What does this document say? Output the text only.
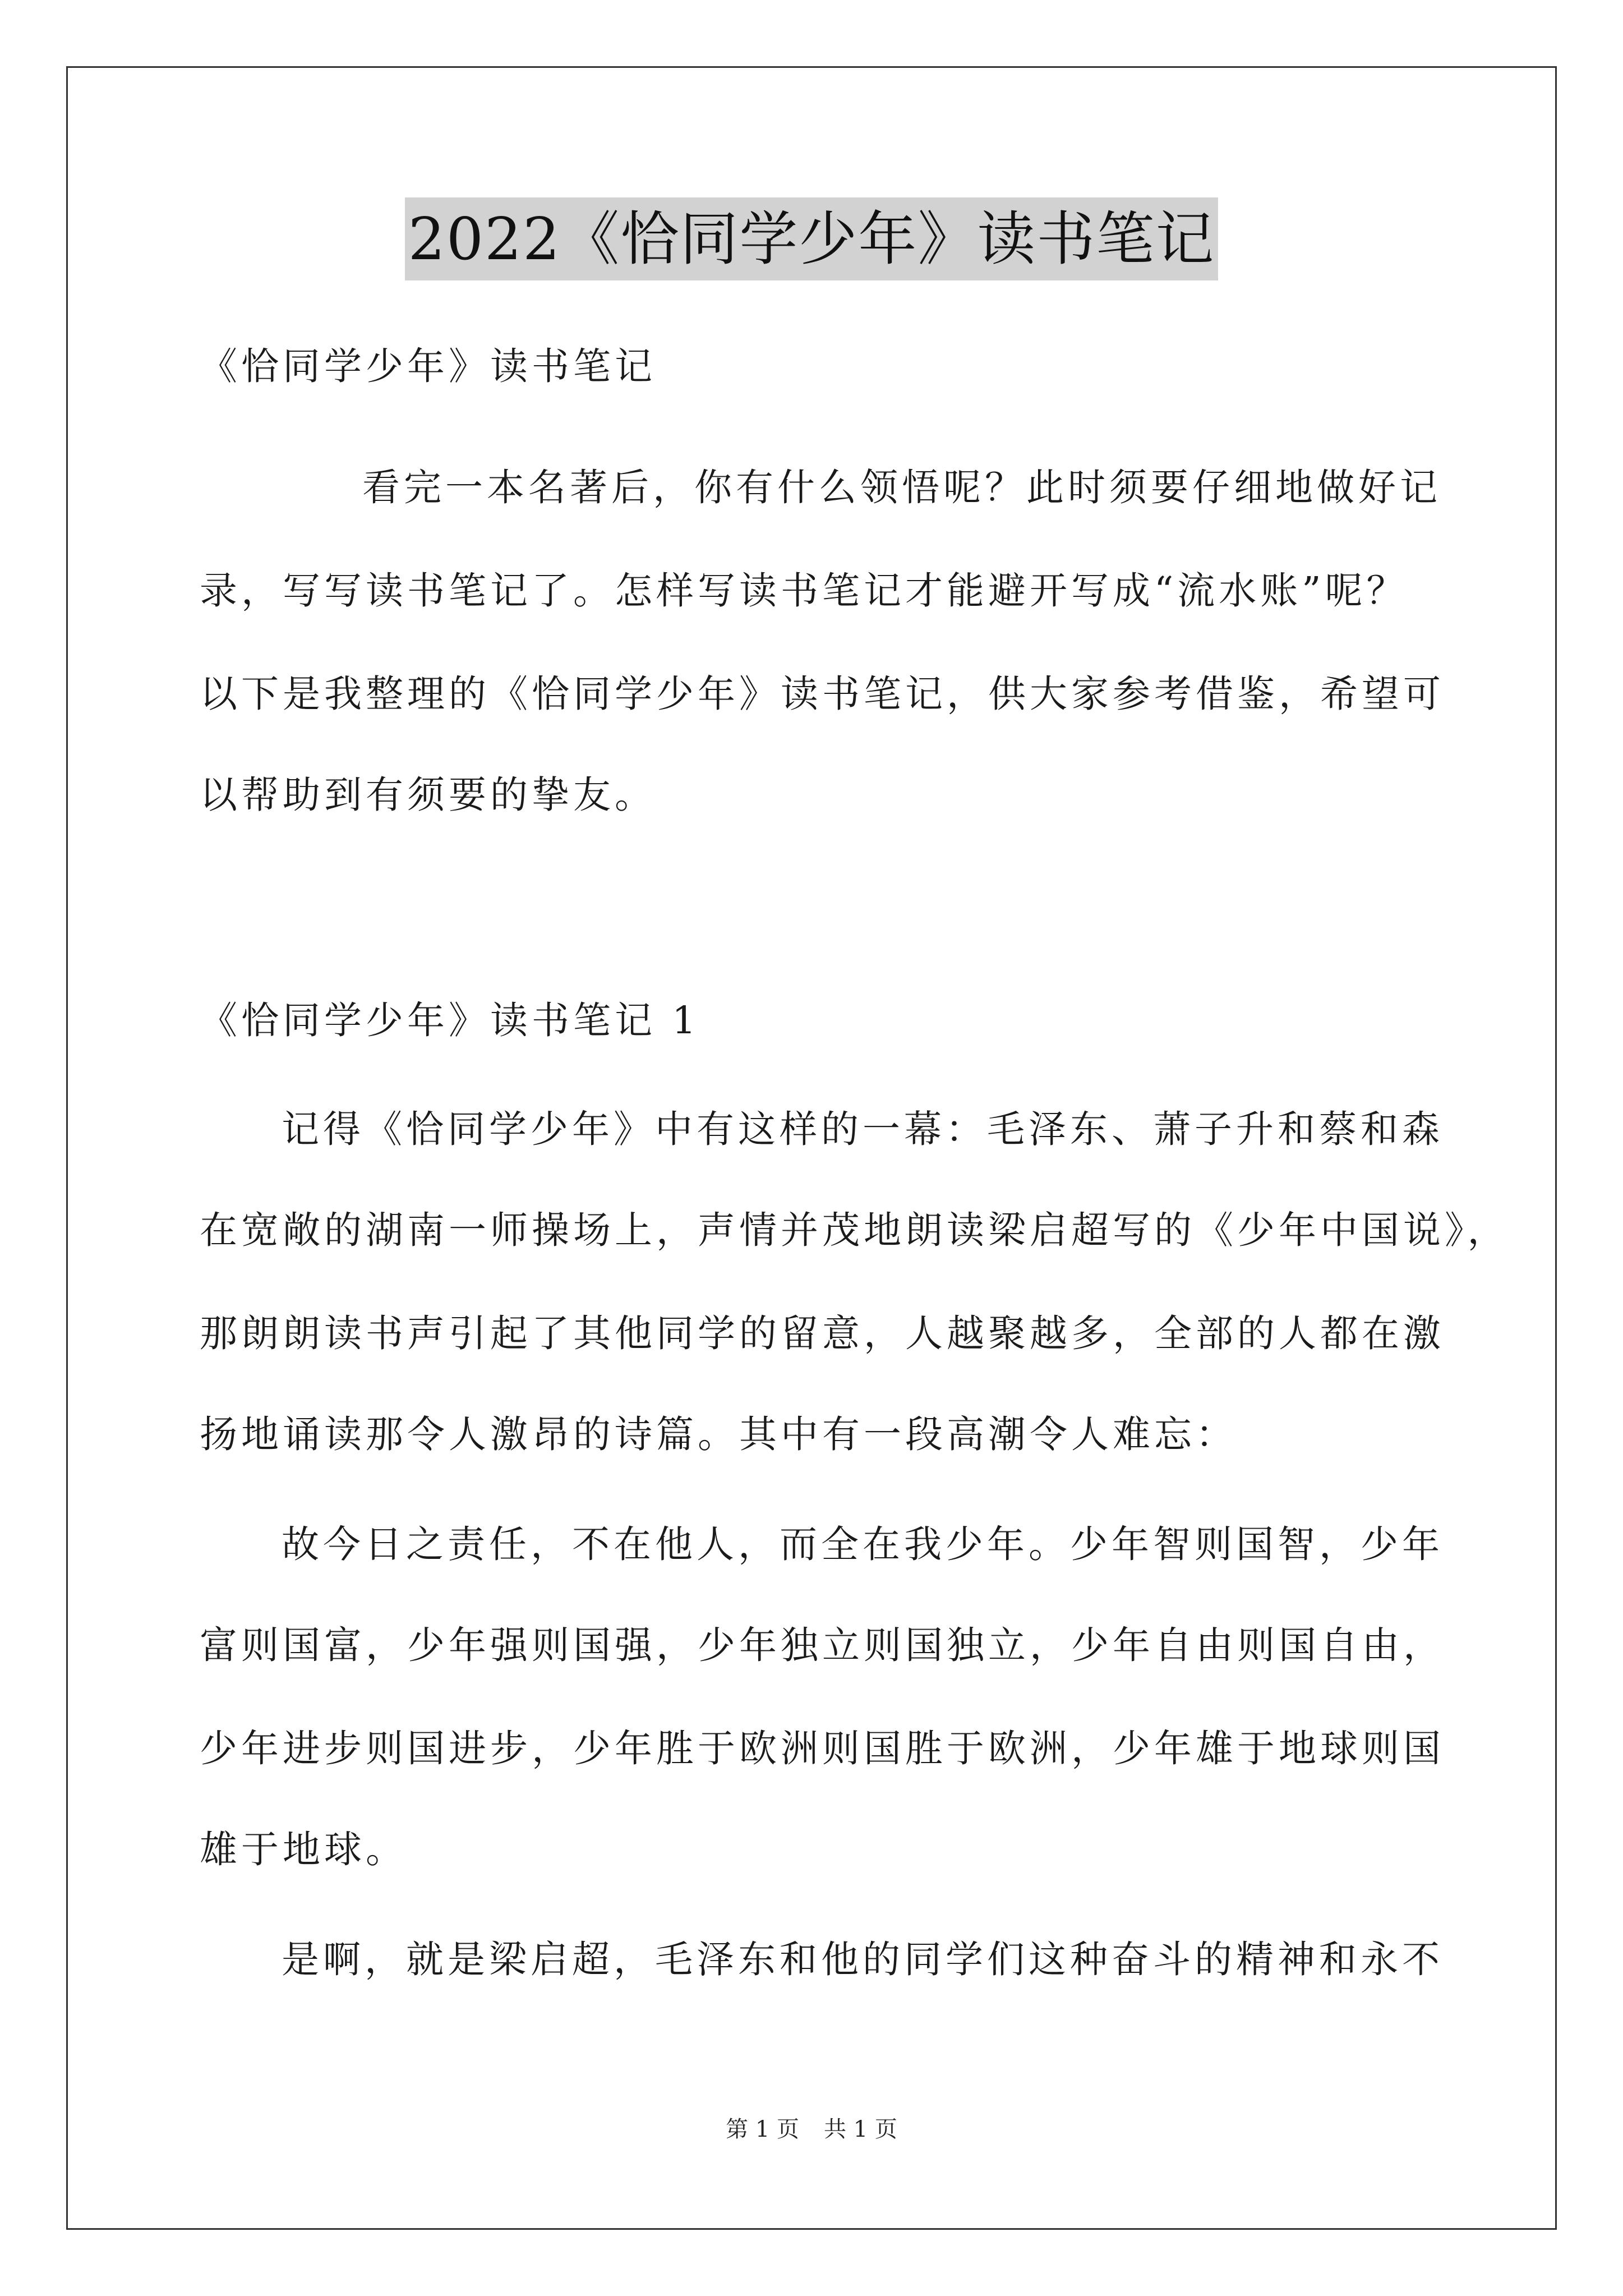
2022《恰同学少年》读书笔记
《恰同学少年》读书笔记
看完一本名著后，你有什么领悟呢？此时须要仔细地做好记
录，写写读书笔记了。怎样写读书笔记才能避开写成“流水账”呢？
以下是我整理的《恰同学少年》读书笔记，供大家参考借鉴，希望可
以帮助到有须要的挚友。
《恰同学少年》读书笔记 1
记得《恰同学少年》中有这样的一幕：毛泽东、萧子升和蔡和森
在宽敞的湖南一师操场上，声情并茂地朗读梁启超写的《少年中国说》，
那朗朗读书声引起了其他同学的留意，人越聚越多，全部的人都在激
扬地诵读那令人激昂的诗篇。其中有一段高潮令人难忘：
故今日之责任，不在他人，而全在我少年。少年智则国智，少年
富则国富，少年强则国强，少年独立则国独立，少年自由则国自由，
少年进步则国进步，少年胜于欧洲则国胜于欧洲，少年雄于地球则国
雄于地球。
是啊，就是梁启超，毛泽东和他的同学们这种奋斗的精神和永不
第 1 页 共 1 页
